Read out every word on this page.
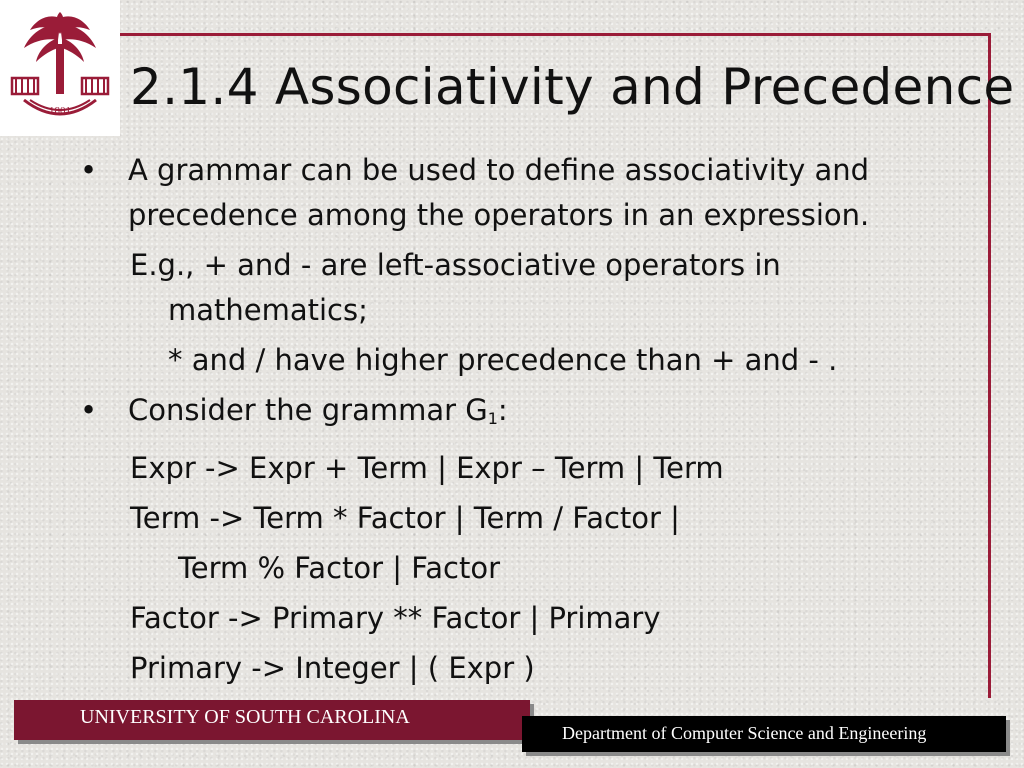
1801 2.1.4 Associativity and Precedence
•	A grammar can be used to define associativity and
precedence among the operators in an expression.
E.g., + and - are left-associative operators in
mathematics;
* and / have higher precedence than + and - .
•	Consider the grammar $G_1$:
Expr -> Expr + Term | Expr – Term | Term
Term -> Term * Factor | Term / Factor |
Term % Factor | Factor
Factor -> Primary ** Factor | Primary
Primary -> Integer | ( Expr )
UNIVERSITY OF SOUTH CAROLINA
Department of Computer Science and Engineering
